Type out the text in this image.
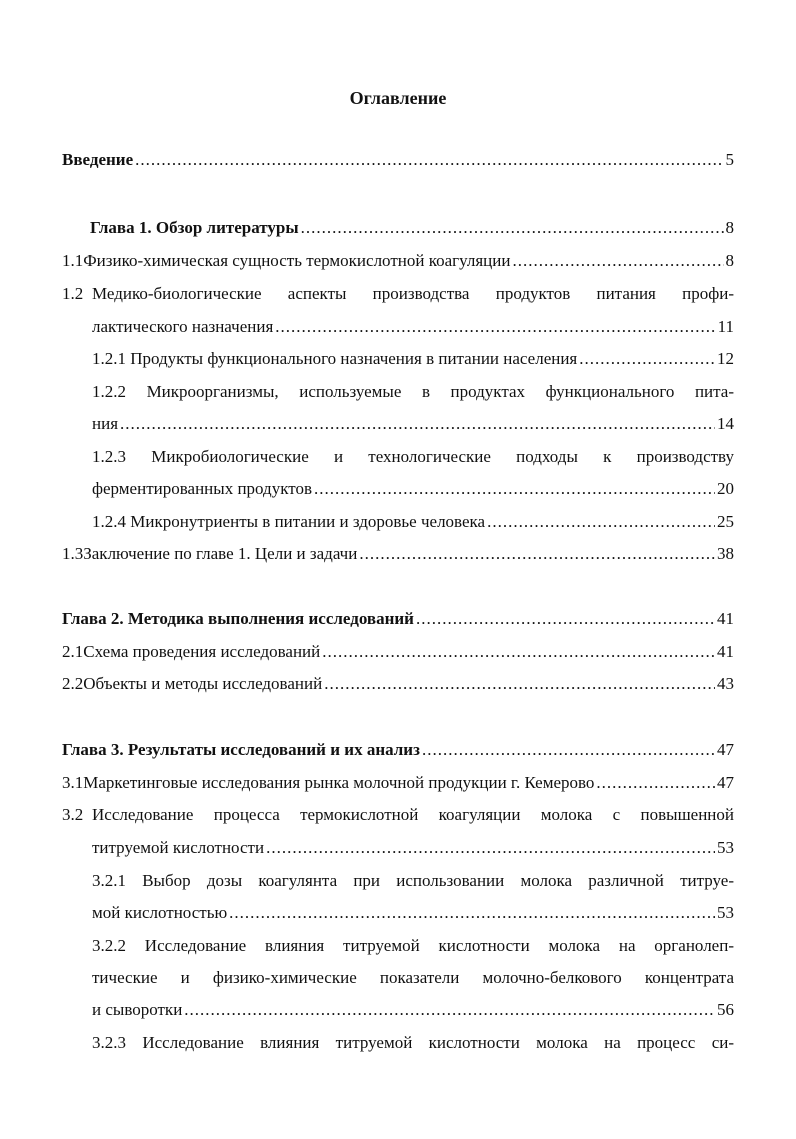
Оглавление
Введение .....	5
Глава 1. Обзор литературы .....	8
1.1 Физико-химическая сущность термокислотной коагуляции .....	8
1.2 Медико-биологические аспекты производства продуктов питания профи-
лактического назначения .....	11
1.2.1 Продукты функционального назначения в питании населения .....	12
1.2.2 Микроорганизмы, используемые в продуктах функционального пита-
ния .....	14
1.2.3 Микробиологические и технологические подходы к производству
ферментированных продуктов .....	20
1.2.4 Микронутриенты в питании и здоровье человека .....	25
1.3 Заключение по главе 1. Цели и задачи .....	38
Глава 2. Методика выполнения исследований .....	41
2.1 Схема проведения исследований .....	41
2.2 Объекты и методы исследований .....	43
Глава 3. Результаты исследований и их анализ .....	47
3.1 Маркетинговые исследования рынка молочной продукции г. Кемерово .....	47
3.2 Исследование процесса термокислотной коагуляции молока с повышенной
титруемой кислотности .....	53
3.2.1 Выбор дозы коагулянта при использовании молока различной титруе-
мой кислотностью .....	53
3.2.2 Исследование влияния титруемой кислотности молока на органолеп-
тические и физико-химические показатели молочно-белкового концентрата
и сыворотки .....	56
3.2.3 Исследование влияния титруемой кислотности молока на процесс си-
